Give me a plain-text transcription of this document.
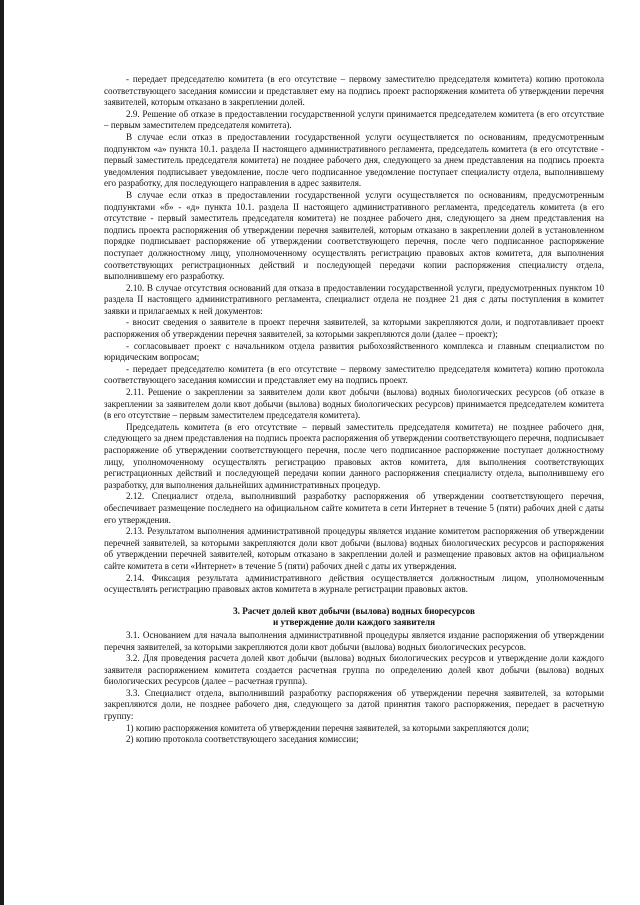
- передает председателю комитета (в его отсутствие – первому заместителю председателя комитета) копию протокола соответствующего заседания комиссии и представляет ему на подпись проект распоряжения комитета об утверждении перечня заявителей, которым отказано в закреплении долей.

2.9. Решение об отказе в предоставлении государственной услуги принимается председателем комитета (в его отсутствие – первым заместителем председателя комитета).

В случае если отказ в предоставлении государственной услуги осуществляется по основаниям, предусмотренным подпунктом «а» пункта 10.1. раздела II настоящего административного регламента, председатель комитета (в его отсутствие - первый заместитель председателя комитета) не позднее рабочего дня, следующего за днем представления на подпись проекта уведомления подписывает уведомление, после чего подписанное уведомление поступает специалисту отдела, выполнившему его разработку, для последующего направления в адрес заявителя.

В случае если отказ в предоставлении государственной услуги осуществляется по основаниям, предусмотренным подпунктами «б» - «д» пункта 10.1. раздела II настоящего административного регламента, председатель комитета (в его отсутствие - первый заместитель председателя комитета) не позднее рабочего дня, следующего за днем представления на подпись проекта распоряжения об утверждении перечня заявителей, которым отказано в закреплении долей в установленном порядке подписывает распоряжение об утверждении соответствующего перечня, после чего подписанное распоряжение поступает должностному лицу, уполномоченному осуществлять регистрацию правовых актов комитета, для выполнения соответствующих регистрационных действий и последующей передачи копии распоряжения специалисту отдела, выполнившему его разработку.

2.10. В случае отсутствия оснований для отказа в предоставлении государственной услуги, предусмотренных пунктом 10 раздела II настоящего административного регламента, специалист отдела не позднее 21 дня с даты поступления в комитет заявки и прилагаемых к ней документов:

- вносит сведения о заявителе в проект перечня заявителей, за которыми закрепляются доли, и подготавливает проект распоряжения об утверждении перечня заявителей, за которыми закрепляются доли (далее – проект);

- согласовывает проект с начальником отдела развития рыбохозяйственного комплекса и главным специалистом по юридическим вопросам;

- передает председателю комитета (в его отсутствие – первому заместителю председателя комитета) копию протокола соответствующего заседания комиссии и представляет ему на подпись проект.

2.11. Решение о закреплении за заявителем доли квот добычи (вылова) водных биологических ресурсов (об отказе в закреплении за заявителем доли квот добычи (вылова) водных биологических ресурсов) принимается председателем комитета (в его отсутствие – первым заместителем председателя комитета).

Председатель комитета (в его отсутствие – первый заместитель председателя комитета) не позднее рабочего дня, следующего за днем представления на подпись проекта распоряжения об утверждении соответствующего перечня, подписывает распоряжение об утверждении соответствующего перечня, после чего подписанное распоряжение поступает должностному лицу, уполномоченному осуществлять регистрацию правовых актов комитета, для выполнения соответствующих регистрационных действий и последующей передачи копии данного распоряжения специалисту отдела, выполнившему его разработку, для выполнения дальнейших административных процедур.

2.12. Специалист отдела, выполнивший разработку распоряжения об утверждении соответствующего перечня, обеспечивает размещение последнего на официальном сайте комитета в сети Интернет в течение 5 (пяти) рабочих дней с даты его утверждения.

2.13. Результатом выполнения административной процедуры является издание комитетом распоряжения об утверждении перечней заявителей, за которыми закрепляются доли квот добычи (вылова) водных биологических ресурсов и распоряжения об утверждении перечней заявителей, которым отказано в закреплении долей и размещение правовых актов на официальном сайте комитета в сети «Интернет» в течение 5 (пяти) рабочих дней с даты их утверждения.

2.14. Фиксация результата административного действия осуществляется должностным лицом, уполномоченным осуществлять регистрацию правовых актов комитета в журнале регистрации правовых актов.

3. Расчет долей квот добычи (вылова) водных биоресурсов
и утверждение доли каждого заявителя

3.1. Основанием для начала выполнения административной процедуры является издание распоряжения об утверждении перечня заявителей, за которыми закрепляются доли квот добычи (вылова) водных биологических ресурсов.

3.2. Для проведения расчета долей квот добычи (вылова) водных биологических ресурсов и утверждение доли каждого заявителя распоряжением комитета создается расчетная группа по определению долей квот добычи (вылова) водных биологических ресурсов (далее – расчетная группа).

3.3. Специалист отдела, выполнивший разработку распоряжения об утверждении перечня заявителей, за которыми закрепляются доли, не позднее рабочего дня, следующего за датой принятия такого распоряжения, передает в расчетную группу:

1) копию распоряжения комитета об утверждении перечня заявителей, за которыми закрепляются доли;

2) копию протокола соответствующего заседания комиссии;
